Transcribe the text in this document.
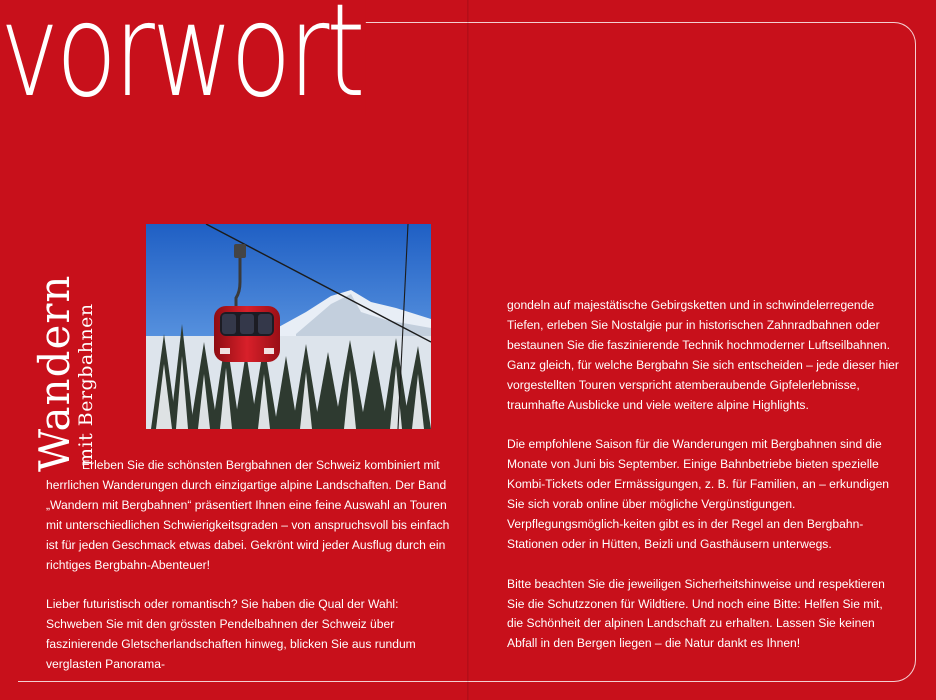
vorwort
Wandern
mit Bergbahnen

Erleben Sie die schönsten Bergbahnen der Schweiz kombiniert mit herrlichen Wanderungen durch einzigartige alpine Landschaften. Der Band „Wandern mit Bergbahnen“ präsentiert Ihnen eine feine Auswahl an Touren mit unterschiedlichen Schwierigkeitsgraden – von anspruchsvoll bis einfach ist für jeden Geschmack etwas dabei. Gekrönt wird jeder Ausflug durch ein richtiges Bergbahn-Abenteuer!

Lieber futuristisch oder romantisch? Sie haben die Qual der Wahl: Schweben Sie mit den grössten Pendelbahnen der Schweiz über faszinierende Gletscherlandschaften hinweg, blicken Sie aus rundum verglasten Panorama-

gondeln auf majestätische Gebirgsketten und in schwindelerregende Tiefen, erleben Sie Nostalgie pur in historischen Zahnradbahnen oder bestaunen Sie die faszinierende Technik hochmoderner Luftseilbahnen. Ganz gleich, für welche Bergbahn Sie sich entscheiden – jede dieser hier vorgestellten Touren verspricht atemberaubende Gipfelerlebnisse, traumhafte Ausblicke und viele weitere alpine Highlights.

Die empfohlene Saison für die Wanderungen mit Bergbahnen sind die Monate von Juni bis September. Einige Bahnbetriebe bieten spezielle Kombi-Tickets oder Ermässigungen, z. B. für Familien, an – erkundigen Sie sich vorab online über mögliche Vergünstigungen. Verpflegungsmöglich-keiten gibt es in der Regel an den Bergbahn-Stationen oder in Hütten, Beizli und Gasthäusern unterwegs.

Bitte beachten Sie die jeweiligen Sicherheitshinweise und respektieren Sie die Schutzzonen für Wildtiere. Und noch eine Bitte: Helfen Sie mit, die Schönheit der alpinen Landschaft zu erhalten. Lassen Sie keinen Abfall in den Bergen liegen – die Natur dankt es Ihnen!
